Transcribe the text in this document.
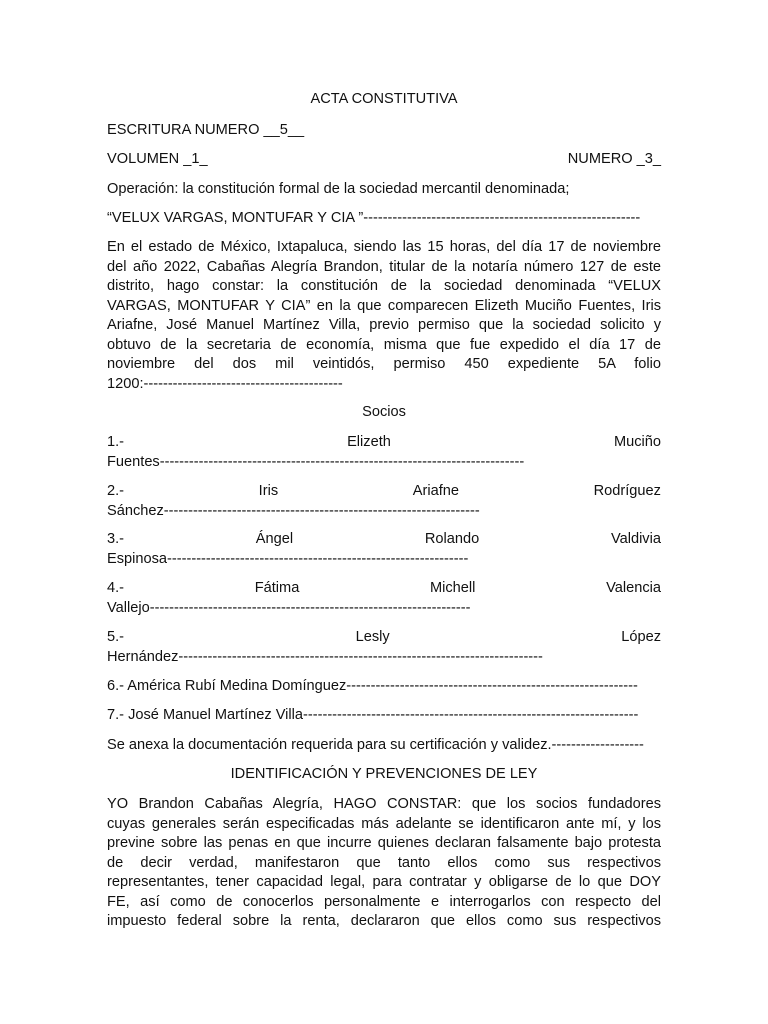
ACTA CONSTITUTIVA
ESCRITURA NUMERO __5__
VOLUMEN _1_	NUMERO _3_
Operación: la constitución formal de la sociedad mercantil denominada;
“VELUX VARGAS, MONTUFAR Y CIA ”---------------------------------------------------------
En el estado de México, Ixtapaluca, siendo las 15 horas, del día 17 de noviembre
del año 2022, Cabañas Alegría Brandon, titular de la notaría número 127 de este
distrito, hago constar: la constitución de la sociedad denominada “VELUX
VARGAS, MONTUFAR Y CIA” en la que comparecen Elizeth Muciño Fuentes, Iris
Ariafne, José Manuel Martínez Villa, previo permiso que la sociedad solicito y
obtuvo de la secretaria de economía, misma que fue expedido el día 17 de
noviembre del dos mil veintidós, permiso 450 expediente 5A folio
1200:-----------------------------------------
Socios
1.-	Elizeth	Muciño
Fuentes---------------------------------------------------------------------------
2.-	Iris	Ariafne	Rodríguez
Sánchez-----------------------------------------------------------------
3.-	Ángel	Rolando	Valdivia
Espinosa--------------------------------------------------------------
4.-	Fátima	Michell	Valencia
Vallejo------------------------------------------------------------------
5.-	Lesly	López
Hernández---------------------------------------------------------------------------
6.- América Rubí Medina Domínguez------------------------------------------------------------
7.- José Manuel Martínez Villa---------------------------------------------------------------------
Se anexa la documentación requerida para su certificación y validez.-------------------
IDENTIFICACIÓN Y PREVENCIONES DE LEY
YO Brandon Cabañas Alegría, HAGO CONSTAR: que los socios fundadores
cuyas generales serán especificadas más adelante se identificaron ante mí, y los
previne sobre las penas en que incurre quienes declaran falsamente bajo protesta
de decir verdad, manifestaron que tanto ellos como sus respectivos
representantes, tener capacidad legal, para contratar y obligarse de lo que DOY
FE, así como de conocerlos personalmente e interrogarlos con respecto del
impuesto federal sobre la renta, declararon que ellos como sus respectivos
